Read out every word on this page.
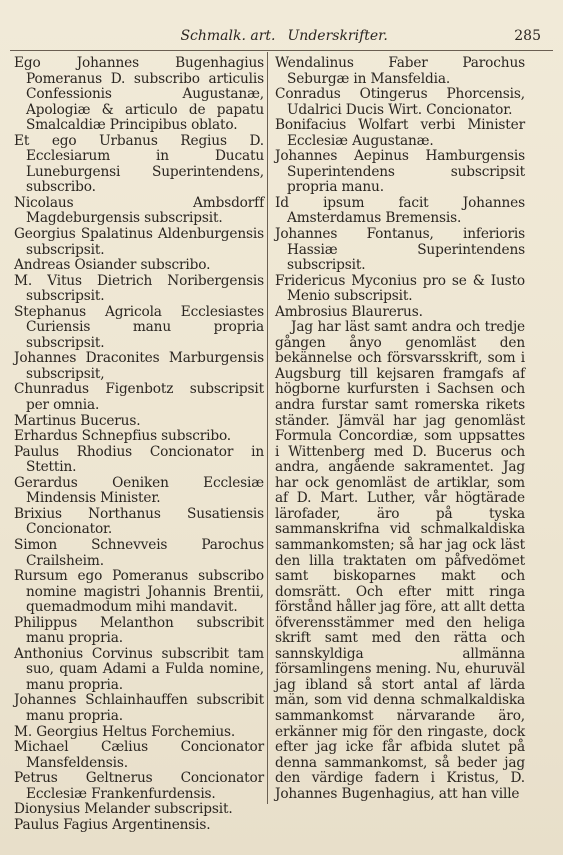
Schmalk. art. Underskrifter.	285

Ego Johannes Bugenhagius Pomeranus D. subscribo articulis Confessionis Augustanæ, Apologiæ & articulo de papatu Smalcaldiæ Principibus oblato.

Et ego Urbanus Regius D. Ecclesiarum in Ducatu Luneburgensi Superintendens, subscribo.

Nicolaus Ambsdorff Magdeburgensis subscripsit.

Georgius Spalatinus Aldenburgensis subscripsit.

Andreas Osiander subscribo.

M. Vitus Dietrich Noribergensis subscripsit.

Stephanus Agricola Ecclesiastes Curiensis manu propria subscripsit.

Johannes Draconites Marburgensis subscripsit,

Chunradus Figenbotz subscripsit per omnia.

Martinus Bucerus.

Erhardus Schnepfius subscribo.

Paulus Rhodius Concionator in Stettin.

Gerardus Oeniken Ecclesiæ Mindensis Minister.

Brixius Northanus Susatiensis Concionator.

Simon Schnevveis Parochus Crailsheim.

Rursum ego Pomeranus subscribo nomine magistri Johannis Brentii, quemadmodum mihi mandavit.

Philippus Melanthon subscribit manu propria.

Anthonius Corvinus subscribit tam suo, quam Adami a Fulda nomine, manu propria.

Johannes Schlainhauffen subscribit manu propria.

M. Georgius Heltus Forchemius.

Michael Cælius Concionator Mansfeldensis.

Petrus Geltnerus Concionator Ecclesiæ Frankenfurdensis.

Dionysius Melander subscripsit.

Paulus Fagius Argentinensis.

Wendalinus Faber Parochus Seburgæ in Mansfeldia.

Conradus Otingerus Phorcensis, Udalrici Ducis Wirt. Concionator.

Bonifacius Wolfart verbi Minister Ecclesiæ Augustanæ.

Johannes Aepinus Hamburgensis Superintendens subscripsit propria manu.

Id ipsum facit Johannes Amsterdamus Bremensis.

Johannes Fontanus, inferioris Hassiæ Superintendens subscripsit.

Fridericus Myconius pro se & Iusto Menio subscripsit.

Ambrosius Blaurerus.

Jag har läst samt andra och tredje gången ånyo genomläst den bekännelse och försvarsskrift, som i Augsburg till kejsaren framgafs af högborne kurfursten i Sachsen och andra furstar samt romerska rikets ständer. Jämväl har jag genomläst Formula Concordiæ, som uppsattes i Wittenberg med D. Bucerus och andra, angående sakramentet. Jag har ock genomläst de artiklar, som af D. Mart. Luther, vår högtärade lärofader, äro på tyska sammanskrifna vid schmalkaldiska sammankomsten; så har jag ock läst den lilla traktaten om påfvedömet samt biskoparnes makt och domsrätt. Och efter mitt ringa förstånd håller jag före, att allt detta öfverensstämmer med den heliga skrift samt med den rätta och sannskyldiga allmänna församlingens mening. Nu, ehuruväl jag ibland så stort antal af lärda män, som vid denna schmalkaldiska sammankomst närvarande äro, erkänner mig för den ringaste, dock efter jag icke får afbida slutet på denna sammankomst, så beder jag den värdige fadern i Kristus, D. Johannes Bugenhagius, att han ville
